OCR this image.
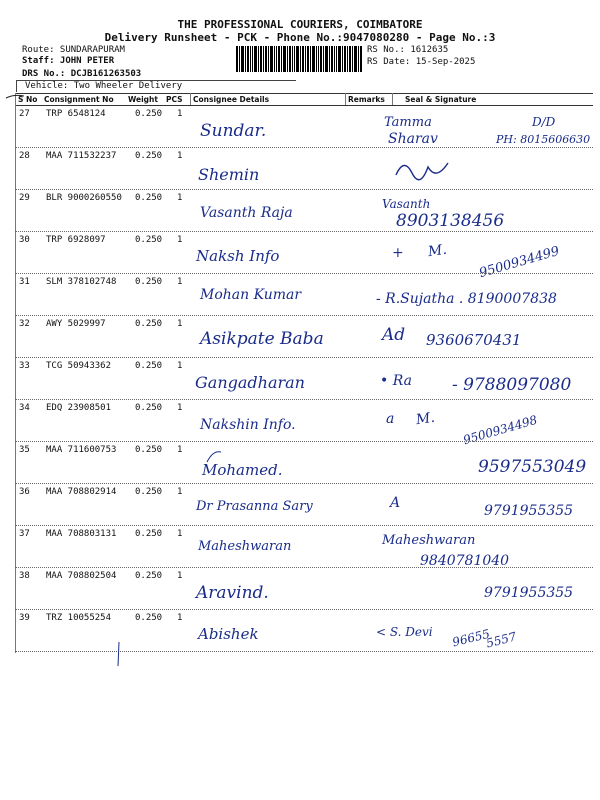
THE PROFESSIONAL COURIERS, COIMBATORE
Delivery Runsheet - PCK - Phone No.:9047080280 - Page No.:3
Route: SUNDARAPURAM
Staff: JOHN PETER
DRS No.: DCJB161263503
RS No.: 1612635
RS Date: 15-Sep-2025
Vehicle: Two Wheeler Delivery
S No Consignment No Weight PCS Consignee Details	Remarks	Seal & Signature
27 TRP 6548124	0.250 1
Sundar.	Tamma	D/D
Sharav	PH: 8015606630
28 MAA 711532237 0.250 1
Shemin
29 BLR 9000260550 0.250 1
Vasanth Raja
Vasanth
8903138456
30 TRP 6928097	0.250 1
Naksh Info	+ M. 9500934499
31 SLM 378102748 0.250 1
Mohan Kumar	- R.Sujatha . 8190007838
32 AWY 5029997	0.250 1
Asikpate Baba	Ad 9360670431
33 TCG 50943362	0.250 1
Gangadharan	• Ra - 9788097080
34 EDQ 23908501	0.250 1
Nakshin Info.	a M. 9500934498
35 MAA 711600753 0.250 1
Mohamed.	9597553049
36 MAA 708802914 0.250 1
Dr Prasanna Sary	A	9791955355
37 MAA 708803131 0.250 1
Maheshwaran	Maheshwaran
9840781040
38 MAA 708802504 0.250 1
Aravind.	9791955355
39 TRZ 10055254	0.250 1
Abishek	< S. Devi 96655
5557
